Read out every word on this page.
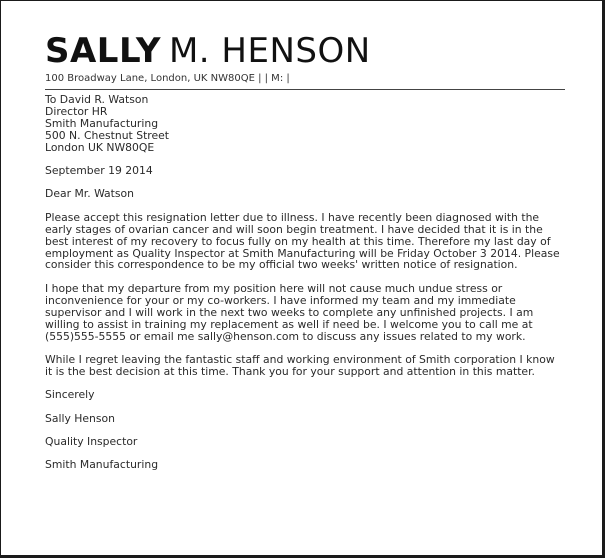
SALLY M. HENSON
100 Broadway Lane, London, UK NW80QE | | M: |

To David R. Watson
Director HR
Smith Manufacturing
500 N. Chestnut Street
London UK NW80QE

September 19 2014

Dear Mr. Watson

Please accept this resignation letter due to illness. I have recently been diagnosed with the early stages of ovarian cancer and will soon begin treatment. I have decided that it is in the best interest of my recovery to focus fully on my health at this time. Therefore my last day of employment as Quality Inspector at Smith Manufacturing will be Friday October 3 2014. Please consider this correspondence to be my official two weeks' written notice of resignation.

I hope that my departure from my position here will not cause much undue stress or inconvenience for your or my co-workers. I have informed my team and my immediate supervisor and I will work in the next two weeks to complete any unfinished projects. I am willing to assist in training my replacement as well if need be. I welcome you to call me at (555)555-5555 or email me sally@henson.com to discuss any issues related to my work.

While I regret leaving the fantastic staff and working environment of Smith corporation I know it is the best decision at this time. Thank you for your support and attention in this matter.

Sincerely
Sally Henson
Quality Inspector
Smith Manufacturing
